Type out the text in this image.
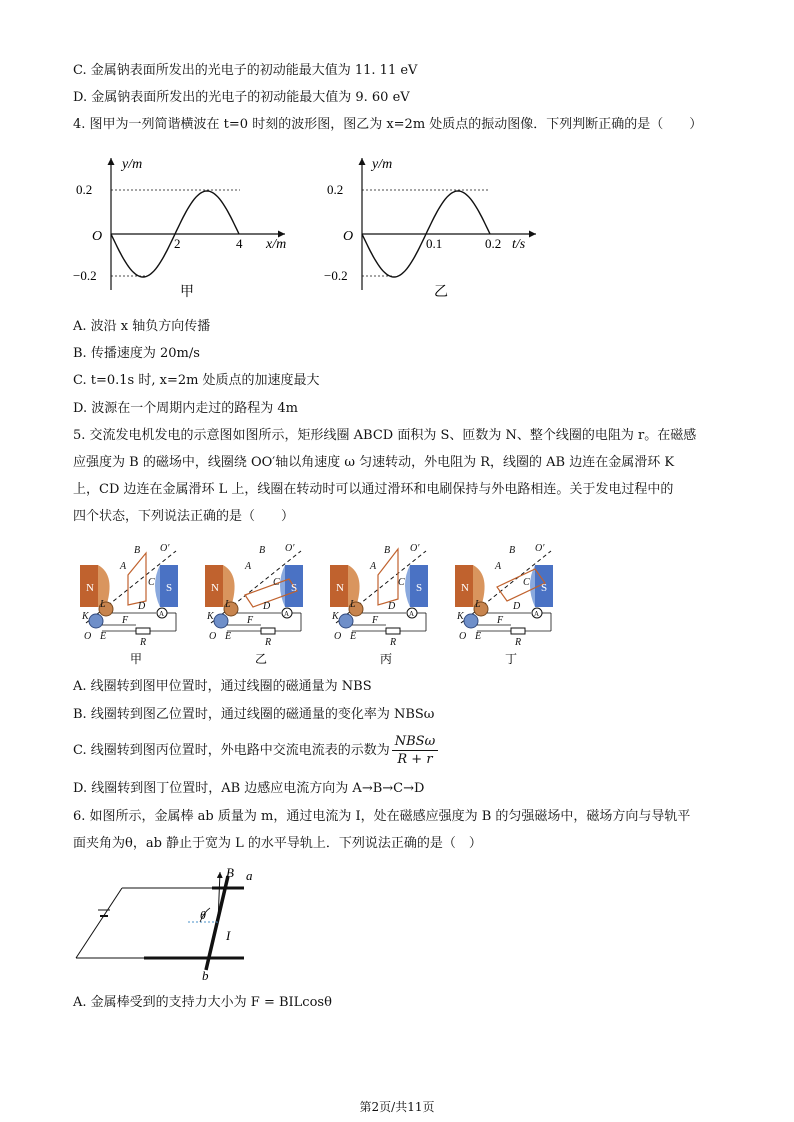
C. 金属钠表面所发出的光电子的初动能最大值为 11. 11 eV
D. 金属钠表面所发出的光电子的初动能最大值为 9. 60 eV
4. 图甲为一列简谐横波在 t=0 时刻的波形图，图乙为 x=2m 处质点的振动图像．下列判断正确的是（　　）
y/m
0.2
−0.2
O	2	4 x/m
甲
y/m
0.2
−0.2
O	0.1	0.2 t/s
乙
A. 波沿 x 轴负方向传播
B. 传播速度为 20m/s
C. t=0.1s 时, x=2m 处质点的加速度最大
D. 波源在一个周期内走过的路程为 4m
5. 交流发电机发电的示意图如图所示，矩形线圈 ABCD 面积为 S、匝数为 N、整个线圈的电阻为 r。在磁感
应强度为 B 的磁场中，线圈绕 OO′轴以角速度 ω 匀速转动，外电阻为 R，线圈的 AB 边连在金属滑环 K
上，CD 边连在金属滑环 L 上，线圈在转动时可以通过滑环和电刷保持与外电路相连。关于发电过程中的
四个状态，下列说法正确的是（　　）
N	S
A
B
C
D
O′
K
L
E
F
O
R
A
甲
N	S
A
B
C
D
O′
K
L
E
F
O
R
A
乙
N	S
A
B
C
D
O′
K
L
E
F
O
R
A
丙
N	S
A
B
C
D
O′
K
L
E
F
O
R
A
丁
A. 线圈转到图甲位置时，通过线圈的磁通量为 NBS
B. 线圈转到图乙位置时，通过线圈的磁通量的变化率为 NBSω
C. 线圈转到图丙位置时，外电路中交流电流表的示数为 $\frac{\text{NBSω}}{R + r}$
D. 线圈转到图丁位置时，AB 边感应电流方向为 A→B→C→D
6. 如图所示，金属棒 ab 质量为 m，通过电流为 I，处在磁感应强度为 B 的匀强磁场中，磁场方向与导轨平
面夹角为θ，ab 静止于宽为 L 的水平导轨上．下列说法正确的是（　）
B a
b
θ
I
A. 金属棒受到的支持力大小为 F = BILcosθ
第2页/共11页
